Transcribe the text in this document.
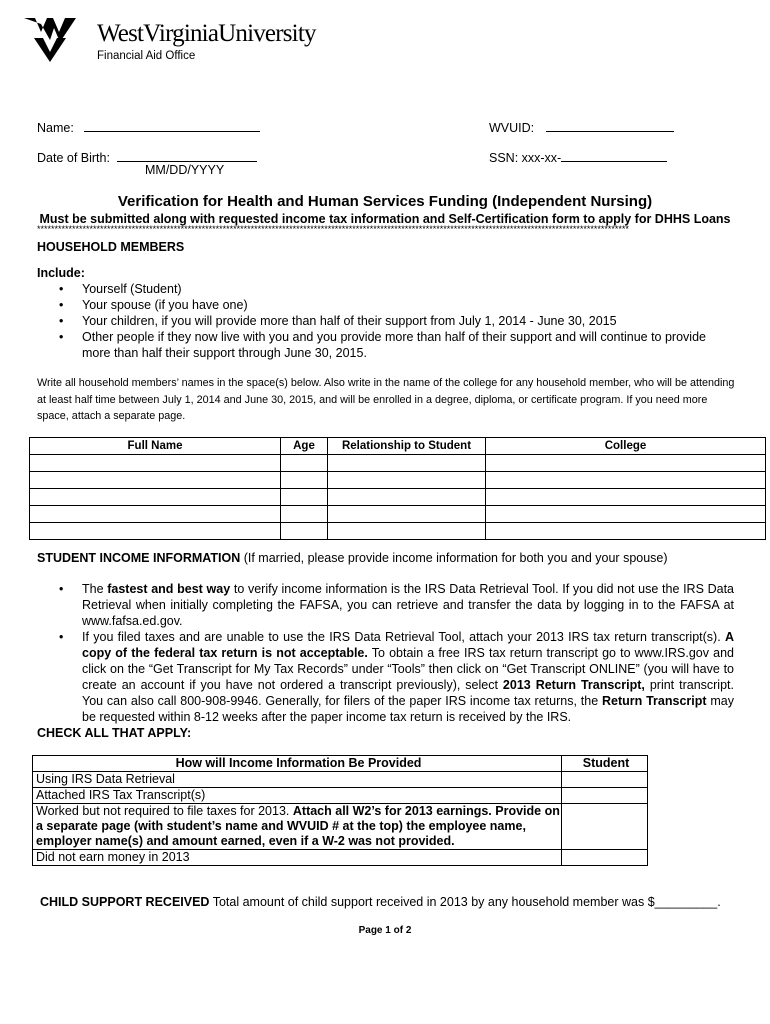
WestVirginiaUniversity
Financial Aid Office
Name:	WVUID:
Date of Birth:
MM/DD/YYYY
SSN: xxx-xx-
Verification for Health and Human Services Funding (Independent Nursing)
Must be submitted along with requested income tax information and Self-Certification form to apply for DHHS Loans
*************************************************************************************************************************************************************************
HOUSEHOLD MEMBERS
Include:
• Yourself (Student)
• Your spouse (if you have one)
• Your children, if you will provide more than half of their support from July 1, 2014 - June 30, 2015
• Other people if they now live with you and you provide more than half of their support and will continue to provide more than half their support through June 30, 2015.
Write all household members’ names in the space(s) below. Also write in the name of the college for any household member, who will be attending at least half time between July 1, 2014 and June 30, 2015, and will be enrolled in a degree, diploma, or certificate program. If you need more space, attach a separate page.
Full Name	Age	Relationship to Student	College

STUDENT INCOME INFORMATION (If married, please provide income information for both you and your spouse)
• The fastest and best way to verify income information is the IRS Data Retrieval Tool. If you did not use the IRS Data Retrieval when initially completing the FAFSA, you can retrieve and transfer the data by logging in to the FAFSA at www.fafsa.ed.gov.
• If you filed taxes and are unable to use the IRS Data Retrieval Tool, attach your 2013 IRS tax return transcript(s). A copy of the federal tax return is not acceptable. To obtain a free IRS tax return transcript go to www.IRS.gov and click on the “Get Transcript for My Tax Records” under “Tools” then click on “Get Transcript ONLINE” (you will have to create an account if you have not ordered a transcript previously), select 2013 Return Transcript, print transcript. You can also call 800-908-9946. Generally, for filers of the paper IRS income tax returns, the Return Transcript may be requested within 8-12 weeks after the paper income tax return is received by the IRS.
CHECK ALL THAT APPLY:
How will Income Information Be Provided	Student
Using IRS Data Retrieval	
Attached IRS Tax Transcript(s)	
Worked but not required to file taxes for 2013. Attach all W2’s for 2013 earnings. Provide on a separate page (with student’s name and WVUID # at the top) the employee name, employer name(s) and amount earned, even if a W-2 was not provided.	
Did not earn money in 2013	
CHILD SUPPORT RECEIVED Total amount of child support received in 2013 by any household member was $_________.
Page 1 of 2
